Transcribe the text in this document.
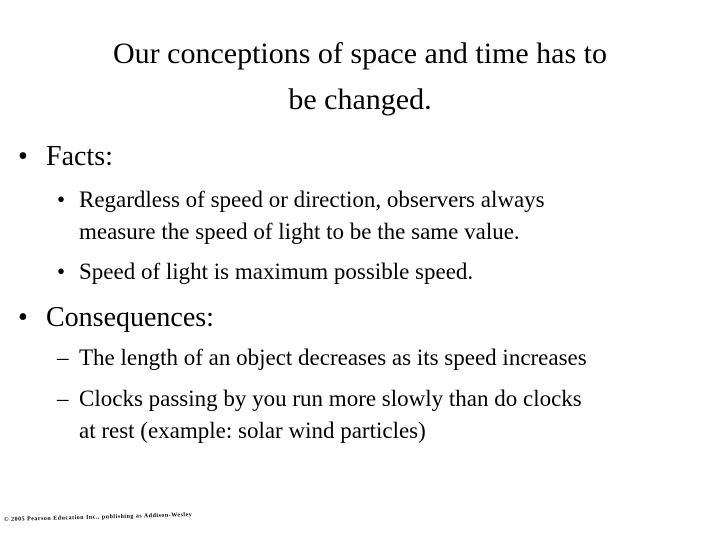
Our conceptions of space and time has to
be changed.
• Facts:
• Regardless of speed or direction, observers always
measure the speed of light to be the same value.
• Speed of light is maximum possible speed.
• Consequences:
– The length of an object decreases as its speed increases
– Clocks passing by you run more slowly than do clocks
at rest (example: solar wind particles)
© 2005 Pearson Education Inc., publishing as Addison-Wesley
